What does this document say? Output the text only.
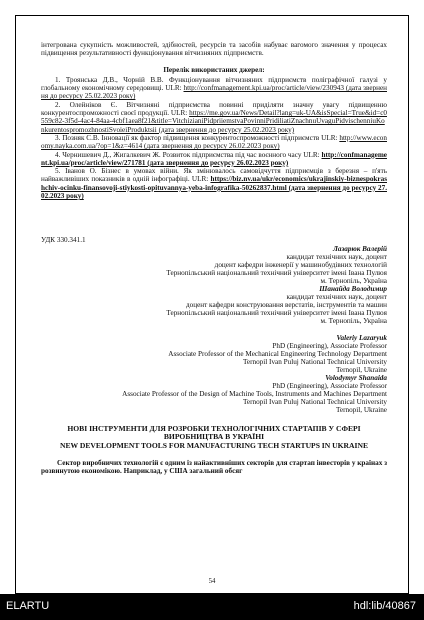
інтегрована сукупність можливостей, здібностей, ресурсів та засобів набуває вагомого значення у процесах підвищення результативності функціонування вітчизняних підприємств.

Перелік використаних джерел:

1. Троянська Д.В., Чорній В.В. Функціонування вітчизняних підприємств поліграфічної галузі у глобальному економічному середовищі. ULR: http://confmanagement.kpi.ua/proc/article/view/230943 (дата звернення до ресурсу 25.02.2023 року)

2. Олейніков Є. Вітчизняні підприємства повинні приділяти значну увагу підвищенню конкурентоспроможності своєї продукції. ULR: https://me.gov.ua/News/Detail?lang=uk-UA&isSpecial=True&id=c0559c82-3f5d-4ac4-84aa-4cbf1aea8f21&title=VitchizianiPidpriiemstvaPovinniPridiliatiZnachnuUvaguPidvischenniuKonkurentospromozhnostiSvoieiProduktsii (дата звернення до ресурсу 25.02.2023 року)

3. Позняк С.В. Інновації як фактор підвищення конкурентоспроможності підприємств ULR: http://www.economy.nayka.com.ua/?op=1&z=4614 (дата звернення до ресурсу 26.02.2023 року)

4. Чернишевич Д., Жигалкевич Ж. Розвиток підприємства під час воєнного часу ULR: http://confmanagement.kpi.ua/proc/article/view/271781 (дата звернення до ресурсу 26.02.2023 року)

5. Іванов О. Бізнес в умовах війни. Як змінювалось самовідчуття підприємців з березня – п'ять найважливіших показників в одній інфографіці. ULR: https://biz.nv.ua/ukr/economics/ukrajinskiy-biznespokrashchiv-ocinku-finansovoji-stiykosti-opituvannya-yeba-infografika-50262837.html (дата звернення до ресурсу 27.02.2023 року)

УДК 330.341.1

Лазарюк Валерій
кандидат технічних наук, доцент
доцент кафедри інженерії у машинобудівних технологій
Тернопільський національний технічний університет імені Івана Пулюя
м. Тернопіль, Україна
Шанайда Володимир
кандидат технічних наук, доцент
доцент кафедри конструювання верстатів, інструментів та машин
Тернопільський національний технічний університет імені Івана Пулюя
м. Тернопіль, Україна
Valeriy Lazaryuk
PhD (Engineering), Associate Professor
Associate Professor of the Mechanical Engineering Technology Department
Ternopil Ivan Puluj National Technical University
Ternopil, Ukraine
Volodymyr Shanaida
PhD (Engineering), Associate Professor
Associate Professor of the Design of Machine Tools, Instruments and Machines Department
Ternopil Ivan Puluj National Technical University
Ternopil, Ukraine
НОВІ ІНСТРУМЕНТИ ДЛЯ РОЗРОБКИ ТЕХНОЛОГІЧНИХ СТАРТАПІВ У СФЕРІ ВИРОБНИЦТВА В УКРАЇНІ
NEW DEVELOPMENT TOOLS FOR MANUFACTURING TECH STARTUPS IN UKRAINE

Сектор виробничих технологій є одним із найактивніших секторів для стартап інвесторів у країнах з розвинутою економікою. Наприклад, у США загальний обсяг

54
ELARTU	hdl:lib/40867
